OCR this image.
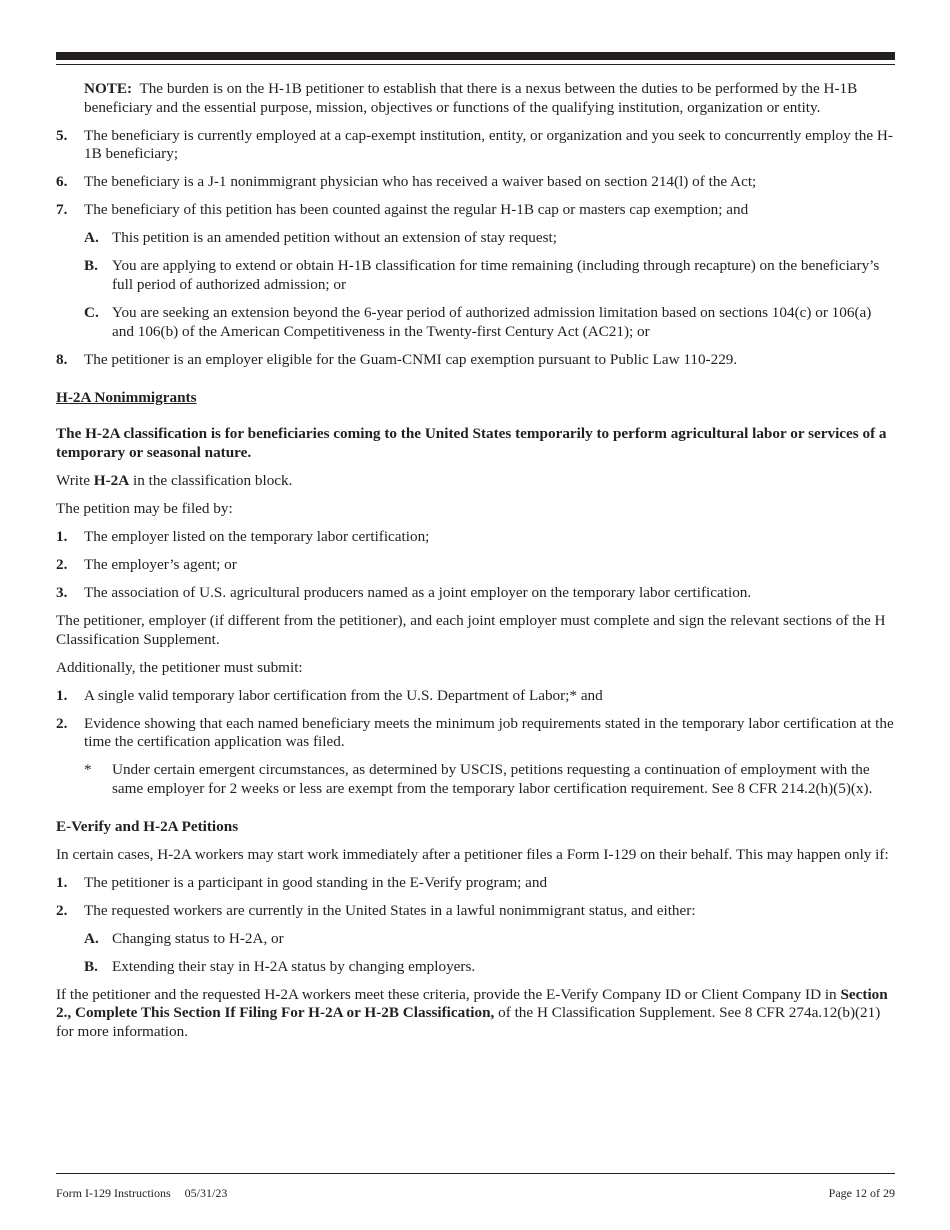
NOTE: The burden is on the H-1B petitioner to establish that there is a nexus between the duties to be performed by the H-1B beneficiary and the essential purpose, mission, objectives or functions of the qualifying institution, organization or entity.

5. The beneficiary is currently employed at a cap-exempt institution, entity, or organization and you seek to concurrently employ the H-1B beneficiary;

6. The beneficiary is a J-1 nonimmigrant physician who has received a waiver based on section 214(l) of the Act;

7. The beneficiary of this petition has been counted against the regular H-1B cap or masters cap exemption; and

A. This petition is an amended petition without an extension of stay request;

B. You are applying to extend or obtain H-1B classification for time remaining (including through recapture) on the beneficiary’s full period of authorized admission; or

C. You are seeking an extension beyond the 6-year period of authorized admission limitation based on sections 104(c) or 106(a) and 106(b) of the American Competitiveness in the Twenty-first Century Act (AC21); or

8. The petitioner is an employer eligible for the Guam-CNMI cap exemption pursuant to Public Law 110-229.

H-2A Nonimmigrants

The H-2A classification is for beneficiaries coming to the United States temporarily to perform agricultural labor or services of a temporary or seasonal nature.

Write H-2A in the classification block.

The petition may be filed by:

1. The employer listed on the temporary labor certification;

2. The employer’s agent; or

3. The association of U.S. agricultural producers named as a joint employer on the temporary labor certification.

The petitioner, employer (if different from the petitioner), and each joint employer must complete and sign the relevant sections of the H Classification Supplement.

Additionally, the petitioner must submit:

1. A single valid temporary labor certification from the U.S. Department of Labor;* and

2. Evidence showing that each named beneficiary meets the minimum job requirements stated in the temporary labor certification at the time the certification application was filed.

* Under certain emergent circumstances, as determined by USCIS, petitions requesting a continuation of employment with the same employer for 2 weeks or less are exempt from the temporary labor certification requirement. See 8 CFR 214.2(h)(5)(x).

E-Verify and H-2A Petitions

In certain cases, H-2A workers may start work immediately after a petitioner files a Form I-129 on their behalf. This may happen only if:

1. The petitioner is a participant in good standing in the E-Verify program; and

2. The requested workers are currently in the United States in a lawful nonimmigrant status, and either:

A. Changing status to H-2A, or

B. Extending their stay in H-2A status by changing employers.

If the petitioner and the requested H-2A workers meet these criteria, provide the E-Verify Company ID or Client Company ID in Section 2., Complete This Section If Filing For H-2A or H-2B Classification, of the H Classification Supplement. See 8 CFR 274a.12(b)(21) for more information.

Form I-129 Instructions 05/31/23	Page 12 of 29
